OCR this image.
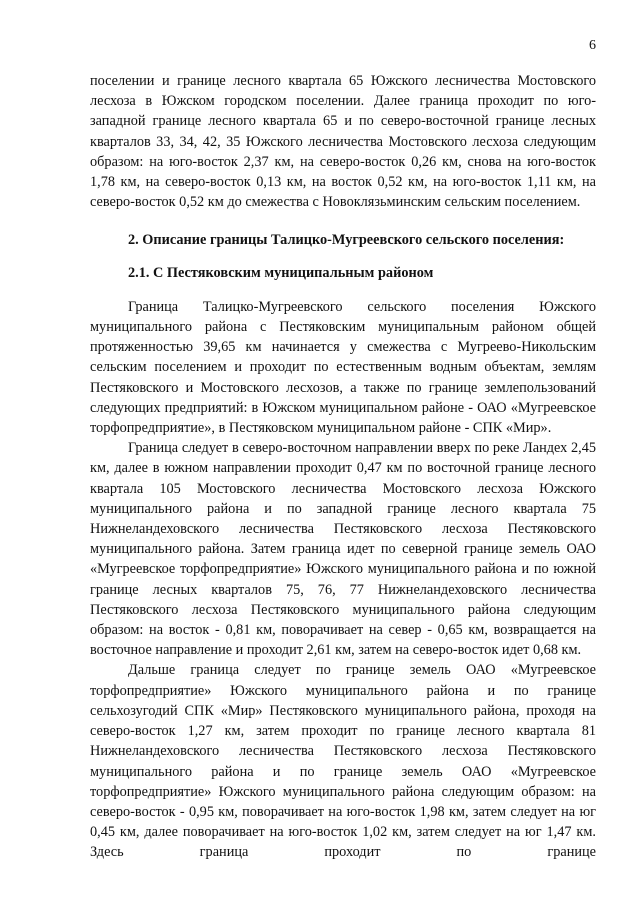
6

поселении и границе лесного квартала 65 Южского лесничества Мостовского лесхоза в Южском городском поселении. Далее граница проходит по юго-западной границе лесного квартала 65 и по северо-восточной границе лесных кварталов 33, 34, 42, 35 Южского лесничества Мостовского лесхоза следующим образом: на юго-восток 2,37 км, на северо-восток 0,26 км, снова на юго-восток 1,78 км, на северо-восток 0,13 км, на восток 0,52 км, на юго-восток 1,11 км, на северо-восток 0,52 км до смежества с Новоклязьминским сельским поселением.

2. Описание границы Талицко-Мугреевского сельского поселения:

2.1. С Пестяковским муниципальным районом

Граница Талицко-Мугреевского сельского поселения Южского муниципального района с Пестяковским муниципальным районом общей протяженностью 39,65 км начинается у смежества с Мугреево-Никольским сельским поселением и проходит по естественным водным объектам, землям Пестяковского и Мостовского лесхозов, а также по границе землепользований следующих предприятий: в Южском муниципальном районе - ОАО «Мугреевское торфопредприятие», в Пестяковском муниципальном районе - СПК «Мир».

Граница следует в северо-восточном направлении вверх по реке Ландех 2,45 км, далее в южном направлении проходит 0,47 км по восточной границе лесного квартала 105 Мостовского лесничества Мостовского лесхоза Южского муниципального района и по западной границе лесного квартала 75 Нижнеландеховского лесничества Пестяковского лесхоза Пестяковского муниципального района. Затем граница идет по северной границе земель ОАО «Мугреевское торфопредприятие» Южского муниципального района и по южной границе лесных кварталов 75, 76, 77 Нижнеландеховского лесничества Пестяковского лесхоза Пестяковского муниципального района следующим образом: на восток - 0,81 км, поворачивает на север - 0,65 км, возвращается на восточное направление и проходит 2,61 км, затем на северо-восток идет 0,68 км.

Дальше граница следует по границе земель ОАО «Мугреевское торфопредприятие» Южского муниципального района и по границе сельхозугодий СПК «Мир» Пестяковского муниципального района, проходя на северо-восток 1,27 км, затем проходит по границе лесного квартала 81 Нижнеландеховского лесничества Пестяковского лесхоза Пестяковского муниципального района и по границе земель ОАО «Мугреевское торфопредприятие» Южского муниципального района следующим образом: на северо-восток - 0,95 км, поворачивает на юго-восток 1,98 км, затем следует на юг 0,45 км, далее поворачивает на юго-восток 1,02 км, затем следует на юг 1,47 км. Здесь граница проходит по границе
